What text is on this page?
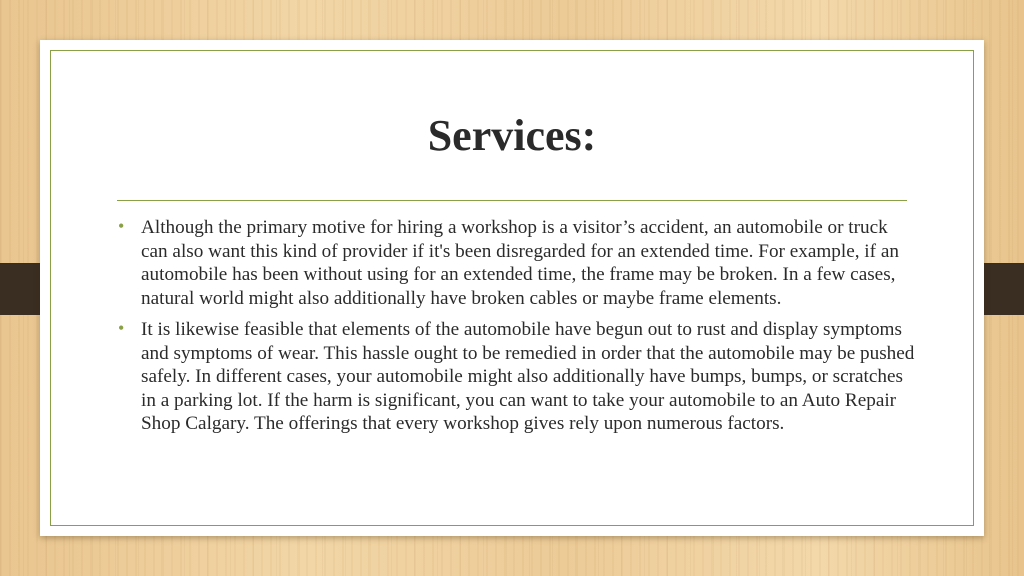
Services:
• Although the primary motive for hiring a workshop is a visitor’s accident, an automobile or truck can also want this kind of provider if it's been disregarded for an extended time. For example, if an automobile has been without using for an extended time, the frame may be broken. In a few cases, natural world might also additionally have broken cables or maybe frame elements.
• It is likewise feasible that elements of the automobile have begun out to rust and display symptoms and symptoms of wear. This hassle ought to be remedied in order that the automobile may be pushed safely. In different cases, your automobile might also additionally have bumps, bumps, or scratches in a parking lot. If the harm is significant, you can want to take your automobile to an Auto Repair Shop Calgary. The offerings that every workshop gives rely upon numerous factors.
